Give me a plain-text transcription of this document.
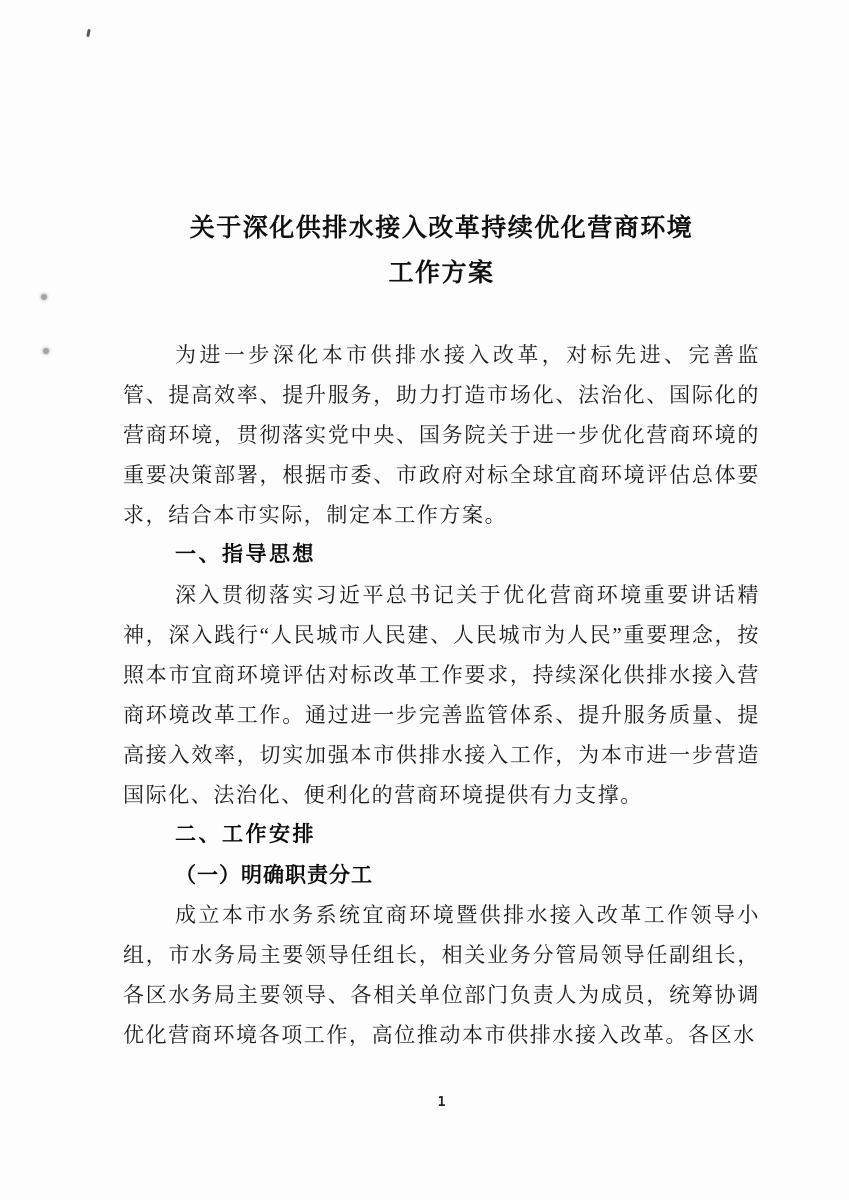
关于深化供排水接入改革持续优化营商环境
工作方案

为进一步深化本市供排水接入改革，对标先进、完善监管、提高效率、提升服务，助力打造市场化、法治化、国际化的营商环境，贯彻落实党中央、国务院关于进一步优化营商环境的重要决策部署，根据市委、市政府对标全球宜商环境评估总体要求，结合本市实际，制定本工作方案。

一、指导思想

深入贯彻落实习近平总书记关于优化营商环境重要讲话精神，深入践行“人民城市人民建、人民城市为人民”重要理念，按照本市宜商环境评估对标改革工作要求，持续深化供排水接入营商环境改革工作。通过进一步完善监管体系、提升服务质量、提高接入效率，切实加强本市供排水接入工作，为本市进一步营造国际化、法治化、便利化的营商环境提供有力支撑。

二、工作安排

（一）明确职责分工

成立本市水务系统宜商环境暨供排水接入改革工作领导小组，市水务局主要领导任组长，相关业务分管局领导任副组长，各区水务局主要领导、各相关单位部门负责人为成员，统筹协调优化营商环境各项工作，高位推动本市供排水接入改革。各区水

1
